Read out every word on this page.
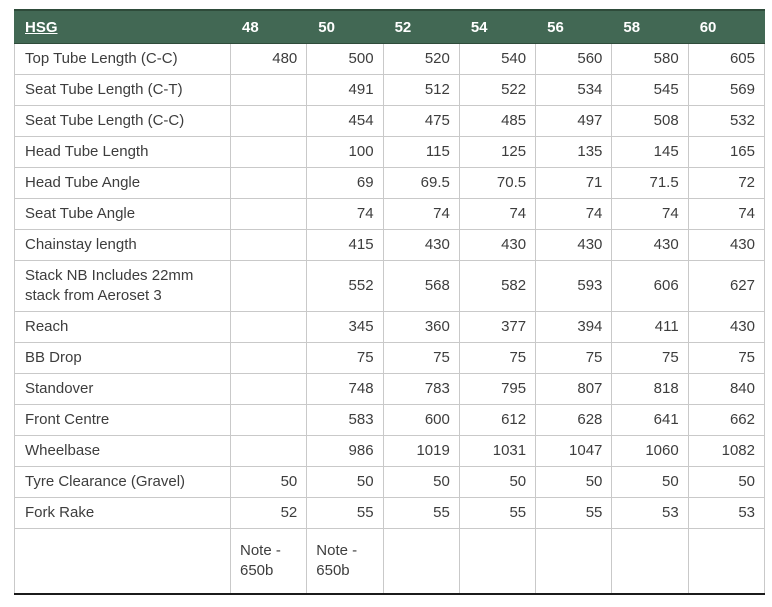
HSG	48	50	52	54	56	58	60
Top Tube Length (C-C)	480	500	520	540	560	580	605
Seat Tube Length (C-T)		491	512	522	534	545	569
Seat Tube Length (C-C)		454	475	485	497	508	532
Head Tube Length		100	115	125	135	145	165
Head Tube Angle		69	69.5	70.5	71	71.5	72
Seat Tube Angle		74	74	74	74	74	74
Chainstay length		415	430	430	430	430	430
Stack NB Includes 22mm stack from Aeroset 3		552	568	582	593	606	627
Reach		345	360	377	394	411	430
BB Drop		75	75	75	75	75	75
Standover		748	783	795	807	818	840
Front Centre		583	600	612	628	641	662
Wheelbase		986	1019	1031	1047	1060	1082
Tyre Clearance (Gravel)	50	50	50	50	50	50	50
Fork Rake	52	55	55	55	55	53	53
	Note - 650b	Note - 650b					
